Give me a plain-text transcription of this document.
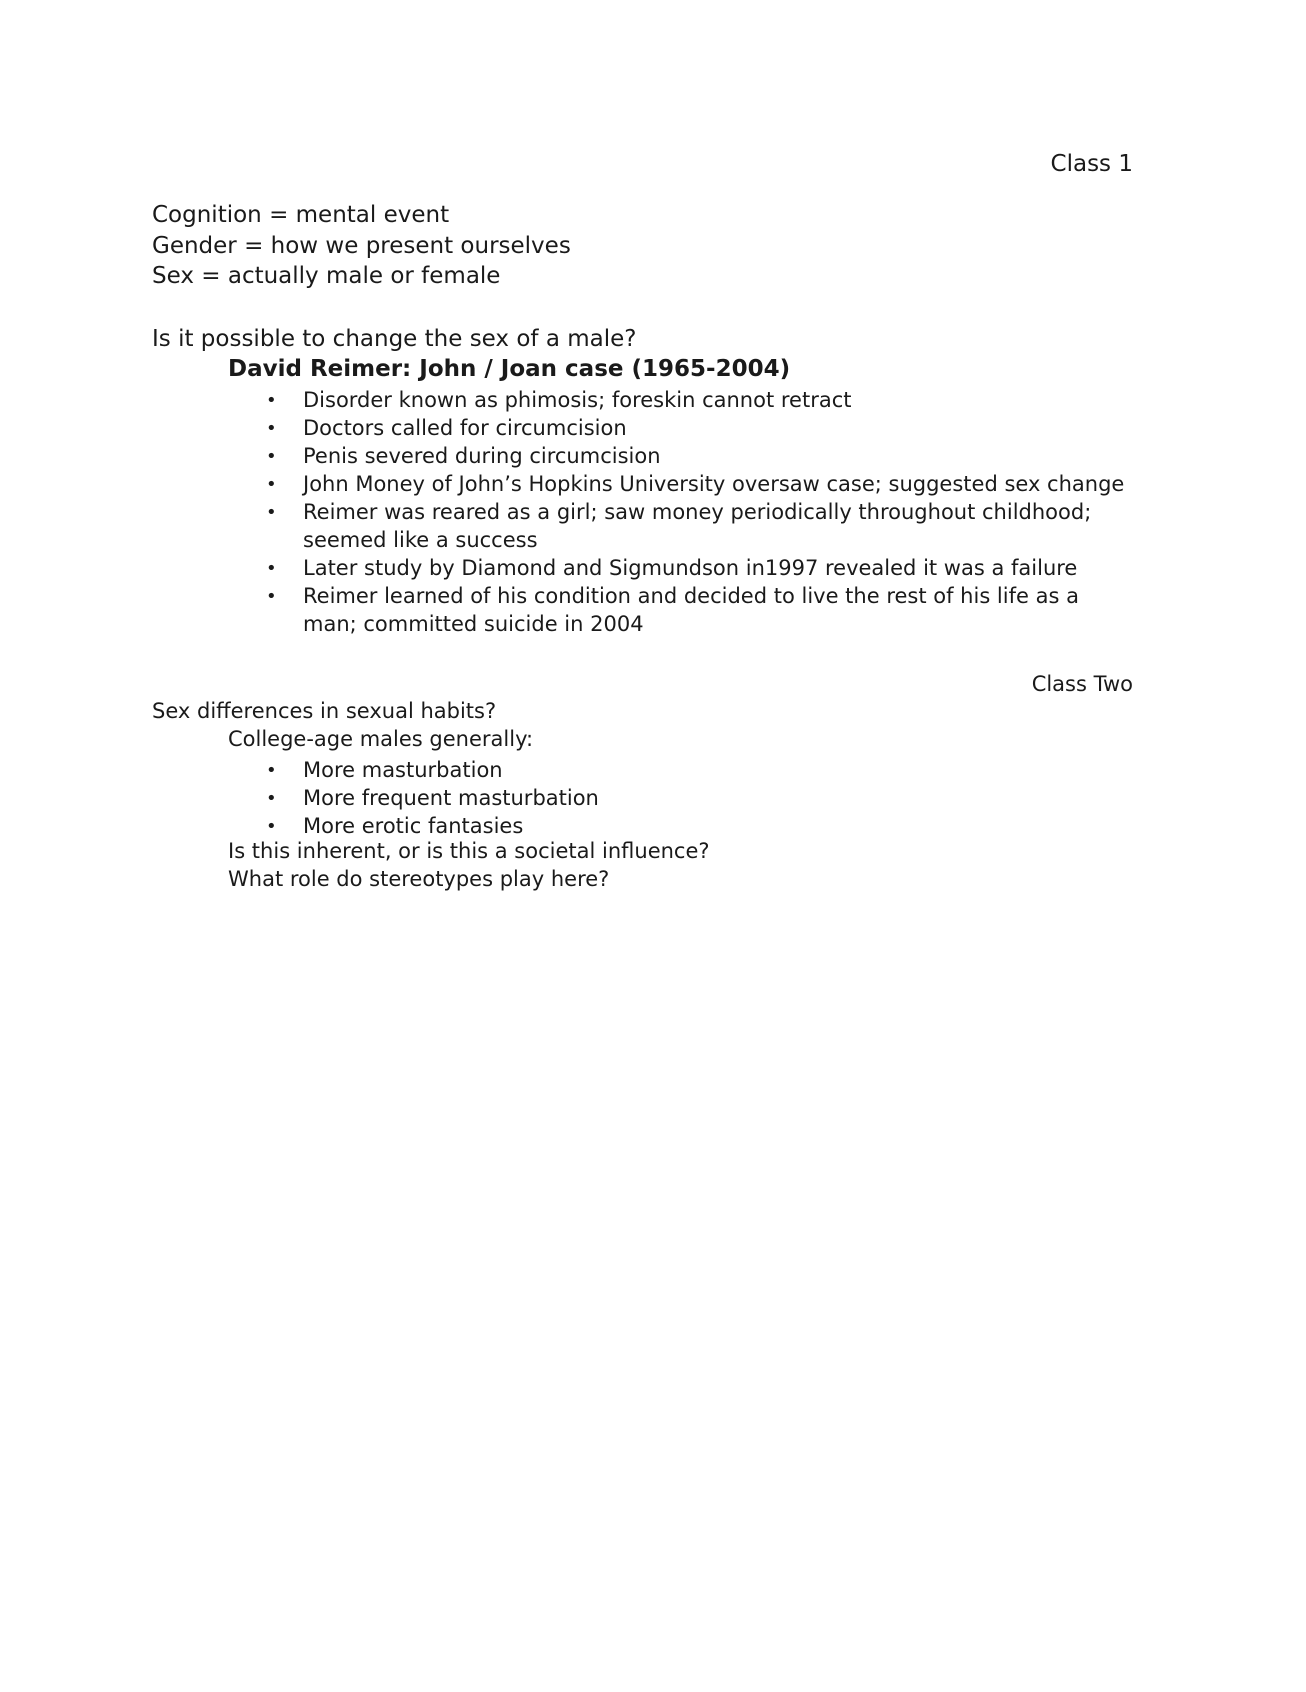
Class 1
Cognition = mental event
Gender = how we present ourselves
Sex = actually male or female
Is it possible to change the sex of a male?
David Reimer: John / Joan case (1965-2004)
• Disorder known as phimosis; foreskin cannot retract
• Doctors called for circumcision
• Penis severed during circumcision
• John Money of John’s Hopkins University oversaw case; suggested sex change
• Reimer was reared as a girl; saw money periodically throughout childhood;
seemed like a success
• Later study by Diamond and Sigmundson in1997 revealed it was a failure
• Reimer learned of his condition and decided to live the rest of his life as a
man; committed suicide in 2004
Class Two
Sex differences in sexual habits?
College-age males generally:
• More masturbation
• More frequent masturbation
• More erotic fantasies
Is this inherent, or is this a societal influence?
What role do stereotypes play here?
